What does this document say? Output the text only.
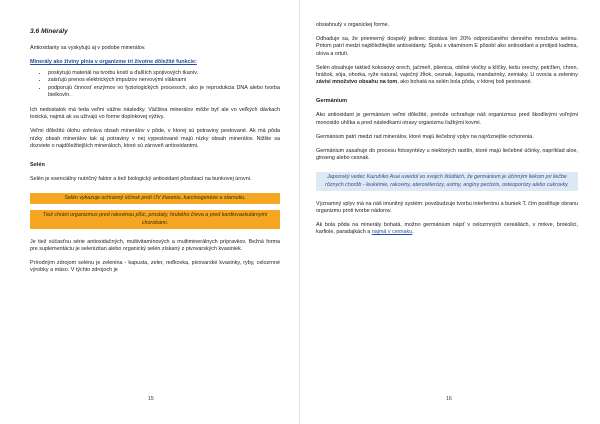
3.6 Minerály

Antioxidanty sa vyskytujú aj v podobe minerálov.

Minerály ako živiny plnia v organizme tri životne dôležité funkcie:
• poskytujú materiál na tvorbu kostí a ďalších spojivových tkanív,
• zaisťujú prenos elektrických impulzov nervovými vláknami
• podporujú činnosť enzýmov vo fyziologických procesoch, ako je reprodukcia DNA alebo tvorba bielkovín.

Ich nedostatok má teda veľmi vážne následky. Väčšina minerálov môže byť ale vo veľkých dávkach toxická, najmä ak sa užívajú vo forme doplnkovej výživy.

Veľmi dôležitú úlohu zohráva obsah minerálov v pôde, v ktorej sú potraviny pestované. Ak má pôda nízky obsah minerálov tak aj potraviny v nej vypestované majú nízky obsah minerálov. Nižšie sa dozviete o najdôležitejších mineráloch, ktoré sú zároveň antioxidantmi.

Selén

Selén je esenciálny nutričný faktor a tiež biologický antioxidant pôsobiaci na bunkovej úrovni.

Selén vykazuje ochranný účinok proti UV žiareniu, karcinogenéze a starnutiu.
Tiež chráni organizmus pred rakovinou pľúc, prostaty, hrubého čreva a pred kardiovaskulárnymi chorobami.

Je tiež súčasťou série antioxidačných, multivitamínových a multiminerálnych prípravkov. Bežná forma pre suplementáciu je selenizitan alebo organický selén získaný z pivovarských kvasiniek.

Prírodným zdrojom selénu je zelenina - kapusta, zeler, reďkovka, pivovarské kvasinky, ryby, celozrnné výrobky a mäso. V týchto zdrojoch je

15

obsiahnutý v organickej forme.

Odhaduje sa, že priemerný dospelý jedinec dostáva len 20% odporúčaného denného množstva selénu. Pritom patrí medzi najdôležitejšie antioxidanty. Spolu s vitamínom E pôsobí ako antioxidant a protijed kadmia, olova a ortuti.

Selén obsahuje taktiež kokosový orech, jačmeň, pšenica, obilné vločky a klíčky, kešu orechy, petržlen, chren, hrášok, sója, ohorka, ryže natural, vaječný žĺtok, cesnak, kapusta, mandarinky, zemiaky. U ovocia a zeleniny závisí množstvo obsahu na tom, ako bohatá na selén bola pôda, v ktorej boli pestované.

Germánium

Ako antioxidant je germánium veľmi dôležité, pretože ochraňuje náš organizmus pred škodlivými voľnými monoxido uhlíka a pred následkami otravy organizmu ťažkými kovmi.

Germánium patrí medzi rad minerálov, ktoré majú liečebný vplyv na najrôznejšie ochorenia.

Germánium zasahuje do procesu fotosyntézy u niektorých rastlín, ktoré majú liečebné účinky, napríklad aloe, ginseng alebo cesnak.

Japonský vedec Kazuhiko Asai uviedol vo svojich štúdiách, že germánium je účinným liekom pri liečbe rôznych chorôb - leukémie, rakoviny, aterosklerózy, astmy, angíny pectoris, osteoporózy alebo cukrovky.

Významný vplyv má na náš imunitný systém: povzbudzuje tvorbu interferónu a buniek T, čím posilňuje obranu organizmu proti tvorbe nádorov.

Ak bola pôda na minerály bohatá, možno germánium nájsť v celozrnných cereáliách, v mrkve, brokolici, karfiole, paradajkách a najmä v cesnaku.

16
